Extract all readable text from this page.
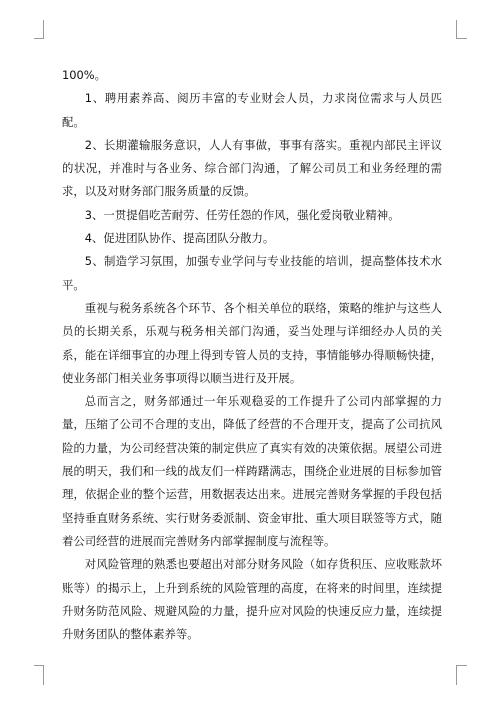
100%。

1、聘用素养高、阅历丰富的专业财会人员，力求岗位需求与人员匹配。

2、长期灌输服务意识，人人有事做，事事有落实。重视内部民主评议的状况，并准时与各业务、综合部门沟通，了解公司员工和业务经理的需求，以及对财务部门服务质量的反馈。

3、一贯提倡吃苦耐劳、任劳任怨的作风，强化爱岗敬业精神。

4、促进团队协作、提高团队分散力。

5、制造学习氛围，加强专业学问与专业技能的培训，提高整体技术水平。

重视与税务系统各个环节、各个相关单位的联络，策略的维护与这些人员的长期关系，乐观与税务相关部门沟通，妥当处理与详细经办人员的关系，能在详细事宜的办理上得到专管人员的支持，事情能够办得顺畅快捷，使业务部门相关业务事项得以顺当进行及开展。

总而言之，财务部通过一年乐观稳妥的工作提升了公司内部掌握的力量，压缩了公司不合理的支出，降低了经营的不合理开支，提高了公司抗风险的力量，为公司经营决策的制定供应了真实有效的决策依据。展望公司进展的明天，我们和一线的战友们一样踌躇满志，围绕企业进展的目标参加管理，依据企业的整个运营，用数据表达出来。进展完善财务掌握的手段包括坚持垂直财务系统、实行财务委派制、资金审批、重大项目联签等方式，随着公司经营的进展而完善财务内部掌握制度与流程等。

对风险管理的熟悉也要超出对部分财务风险（如存货积压、应收账款坏账等）的揭示上，上升到系统的风险管理的高度，在将来的时间里，连续提升财务防范风险、规避风险的力量，提升应对风险的快速反应力量，连续提升财务团队的整体素养等。
